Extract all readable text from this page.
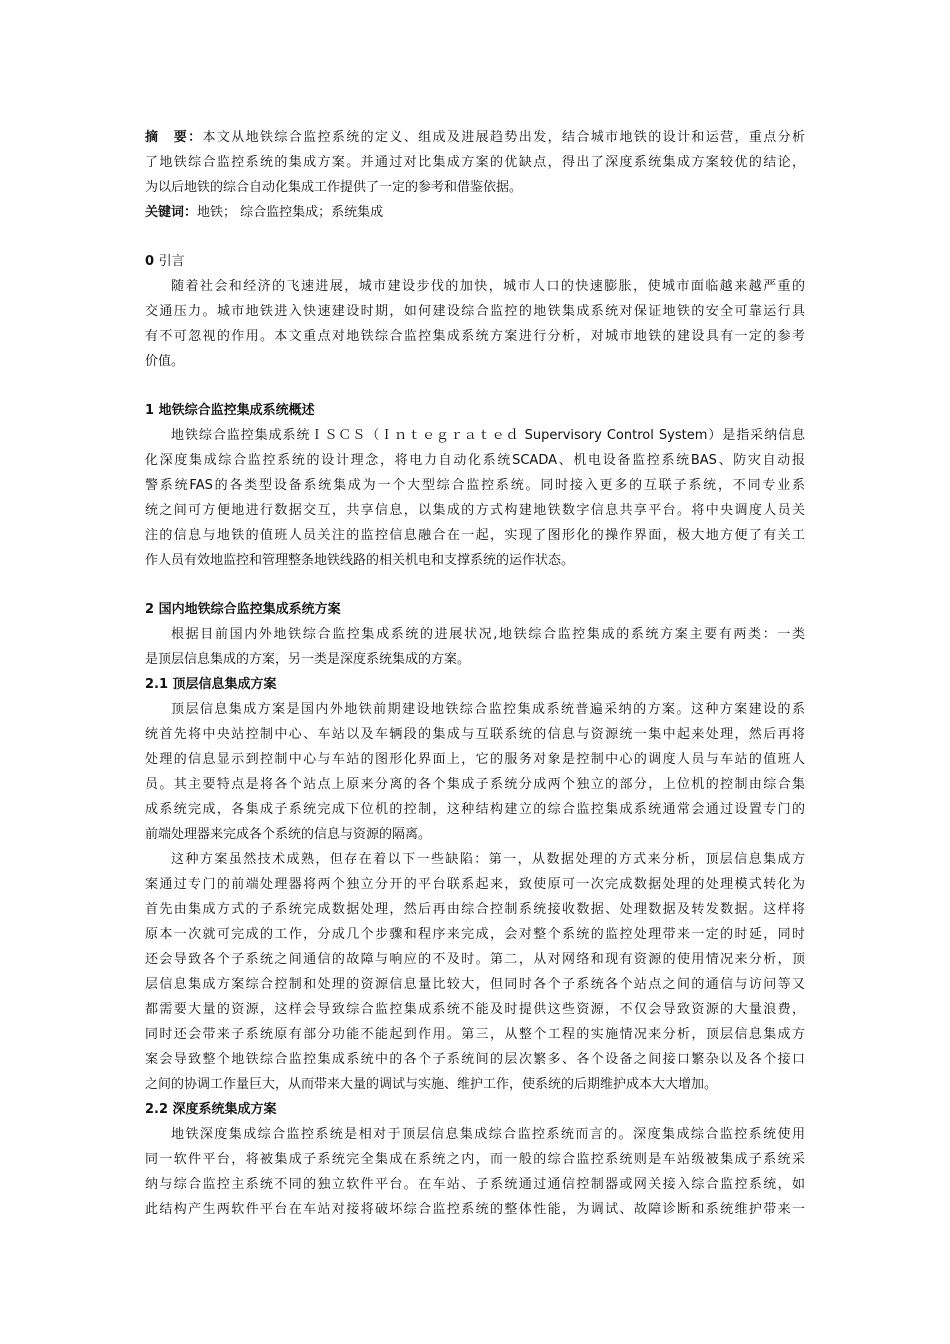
摘　要：本文从地铁综合监控系统的定义、组成及进展趋势出发，结合城市地铁的设计和运营，重点分析
了地铁综合监控系统的集成方案。并通过对比集成方案的优缺点，得出了深度系统集成方案较优的结论，
为以后地铁的综合自动化集成工作提供了一定的参考和借鉴依据。
关键词：地铁； 综合监控集成；系统集成
0 引言
随着社会和经济的飞速进展，城市建设步伐的加快，城市人口的快速膨胀，使城市面临越来越严重的
交通压力。城市地铁进入快速建设时期，如何建设综合监控的地铁集成系统对保证地铁的安全可靠运行具
有不可忽视的作用。本文重点对地铁综合监控集成系统方案进行分析，对城市地铁的建设具有一定的参考
价值。
1 地铁综合监控集成系统概述
地铁综合监控集成系统ＩＳＣＳ（Ｉｎｔｅｇｒａｔｅｄ Supervisory Control System）是指采纳信息
化深度集成综合监控系统的设计理念，将电力自动化系统SCADA、机电设备监控系统BAS、防灾自动报
警系统FAS的各类型设备系统集成为一个大型综合监控系统。同时接入更多的互联子系统，不同专业系
统之间可方便地进行数据交互，共享信息，以集成的方式构建地铁数字信息共享平台。将中央调度人员关
注的信息与地铁的值班人员关注的监控信息融合在一起，实现了图形化的操作界面，极大地方便了有关工
作人员有效地监控和管理整条地铁线路的相关机电和支撑系统的运作状态。
2 国内地铁综合监控集成系统方案
根据目前国内外地铁综合监控集成系统的进展状况,地铁综合监控集成的系统方案主要有两类：一类
是顶层信息集成的方案，另一类是深度系统集成的方案。
2.1 顶层信息集成方案
顶层信息集成方案是国内外地铁前期建设地铁综合监控集成系统普遍采纳的方案。这种方案建设的系
统首先将中央站控制中心、车站以及车辆段的集成与互联系统的信息与资源统一集中起来处理，然后再将
处理的信息显示到控制中心与车站的图形化界面上，它的服务对象是控制中心的调度人员与车站的值班人
员。其主要特点是将各个站点上原来分离的各个集成子系统分成两个独立的部分，上位机的控制由综合集
成系统完成，各集成子系统完成下位机的控制，这种结构建立的综合监控集成系统通常会通过设置专门的
前端处理器来完成各个系统的信息与资源的隔离。
这种方案虽然技术成熟，但存在着以下一些缺陷：第一，从数据处理的方式来分析，顶层信息集成方
案通过专门的前端处理器将两个独立分开的平台联系起来，致使原可一次完成数据处理的处理模式转化为
首先由集成方式的子系统完成数据处理，然后再由综合控制系统接收数据、处理数据及转发数据。这样将
原本一次就可完成的工作，分成几个步骤和程序来完成，会对整个系统的监控处理带来一定的时延，同时
还会导致各个子系统之间通信的故障与响应的不及时。第二，从对网络和现有资源的使用情况来分析，顶
层信息集成方案综合控制和处理的资源信息量比较大，但同时各个子系统各个站点之间的通信与访问等又
都需要大量的资源，这样会导致综合监控集成系统不能及时提供这些资源，不仅会导致资源的大量浪费，
同时还会带来子系统原有部分功能不能起到作用。第三，从整个工程的实施情况来分析，顶层信息集成方
案会导致整个地铁综合监控集成系统中的各个子系统间的层次繁多、各个设备之间接口繁杂以及各个接口
之间的协调工作量巨大，从而带来大量的调试与实施、维护工作，使系统的后期维护成本大大增加。
2.2 深度系统集成方案
地铁深度集成综合监控系统是相对于顶层信息集成综合监控系统而言的。深度集成综合监控系统使用
同一软件平台，将被集成子系统完全集成在系统之内，而一般的综合监控系统则是车站级被集成子系统采
纳与综合监控主系统不同的独立软件平台。在车站、子系统通过通信控制器或网关接入综合监控系统，如
此结构产生两软件平台在车站对接将破坏综合监控系统的整体性能，为调试、故障诊断和系统维护带来一
